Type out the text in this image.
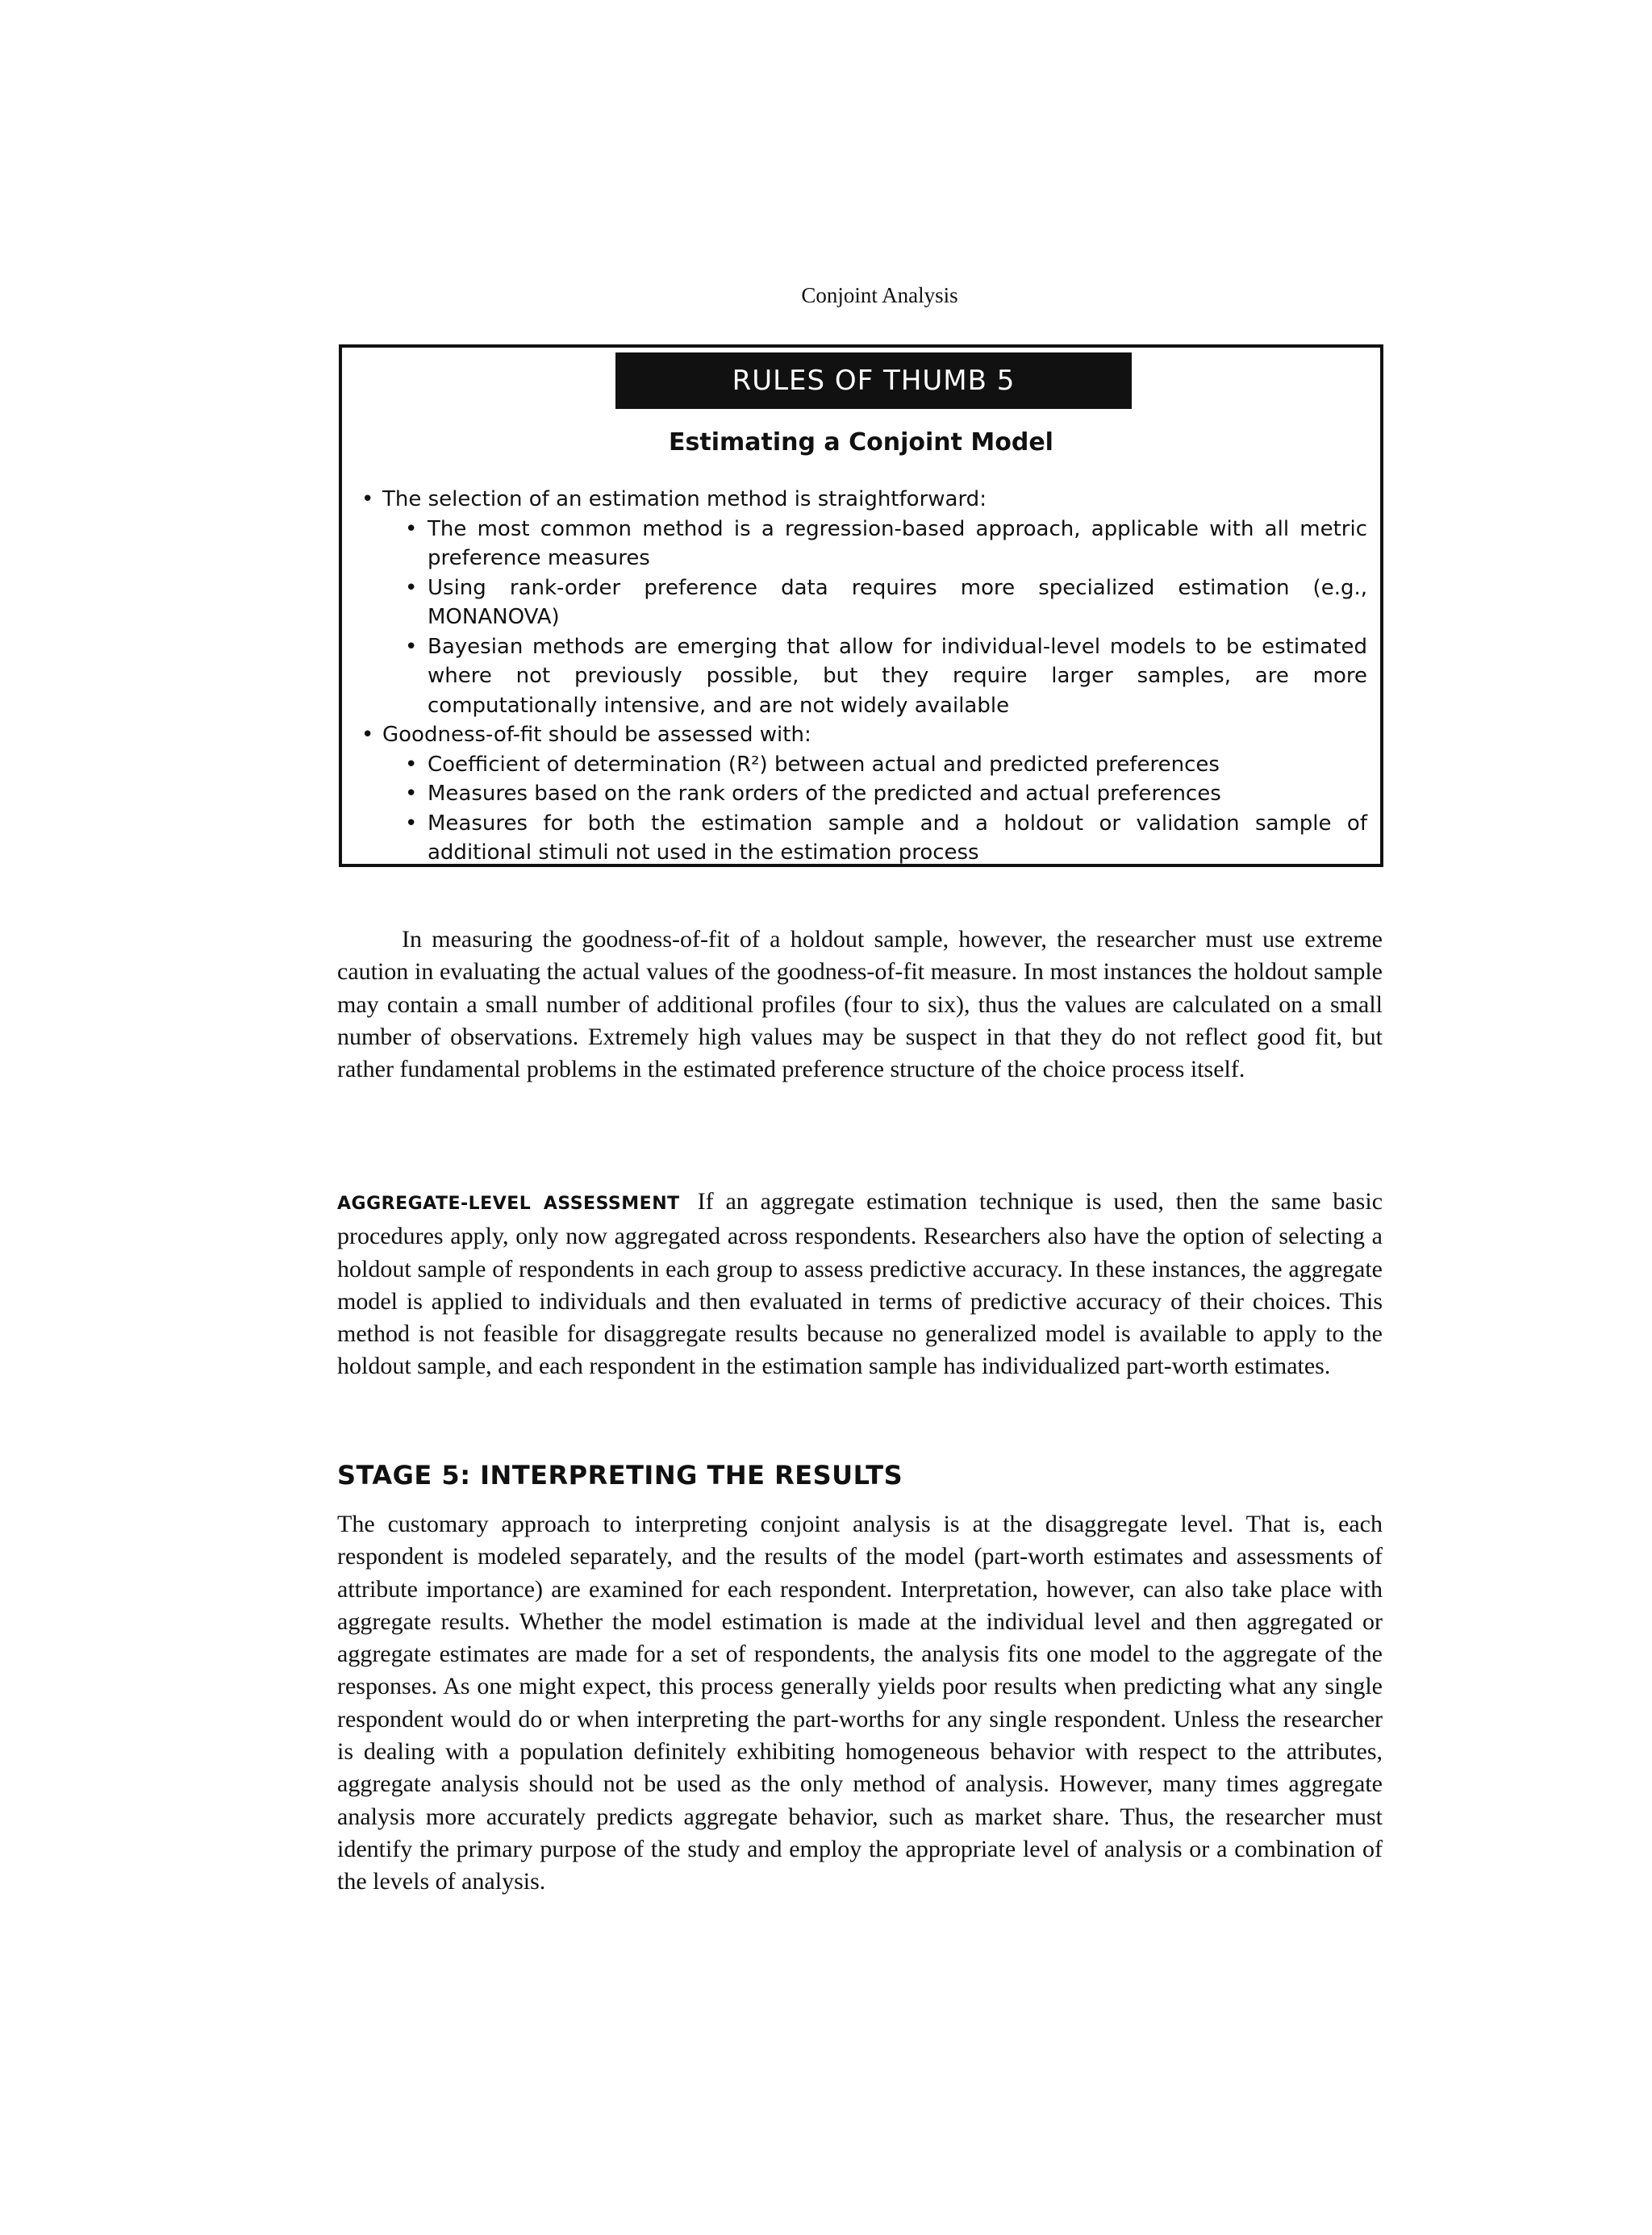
Conjoint Analysis
RULES OF THUMB 5
Estimating a Conjoint Model
• The selection of an estimation method is straightforward:
• The most common method is a regression-based approach, applicable with all metric preference measures
• Using rank-order preference data requires more specialized estimation (e.g., MONANOVA)
• Bayesian methods are emerging that allow for individual-level models to be estimated where not previously possible, but they require larger samples, are more computationally intensive, and are not widely available
• Goodness-of-fit should be assessed with:
• Coefficient of determination (R²) between actual and predicted preferences
• Measures based on the rank orders of the predicted and actual preferences
• Measures for both the estimation sample and a holdout or validation sample of additional stimuli not used in the estimation process

In measuring the goodness-of-fit of a holdout sample, however, the researcher must use extreme caution in evaluating the actual values of the goodness-of-fit measure. In most instances the holdout sample may contain a small number of additional profiles (four to six), thus the values are calculated on a small number of observations. Extremely high values may be suspect in that they do not reflect good fit, but rather fundamental problems in the estimated preference structure of the choice process itself.

AGGREGATE-LEVEL ASSESSMENT If an aggregate estimation technique is used, then the same basic procedures apply, only now aggregated across respondents. Researchers also have the option of selecting a holdout sample of respondents in each group to assess predictive accuracy. In these instances, the aggregate model is applied to individuals and then evaluated in terms of predictive accuracy of their choices. This method is not feasible for disaggregate results because no generalized model is available to apply to the holdout sample, and each respondent in the estimation sample has individualized part-worth estimates.

STAGE 5: INTERPRETING THE RESULTS

The customary approach to interpreting conjoint analysis is at the disaggregate level. That is, each respondent is modeled separately, and the results of the model (part-worth estimates and assessments of attribute importance) are examined for each respondent. Interpretation, however, can also take place with aggregate results. Whether the model estimation is made at the individual level and then aggregated or aggregate estimates are made for a set of respondents, the analysis fits one model to the aggregate of the responses. As one might expect, this process generally yields poor results when predicting what any single respondent would do or when interpreting the part-worths for any single respondent. Unless the researcher is dealing with a population definitely exhibiting homogeneous behavior with respect to the attributes, aggregate analysis should not be used as the only method of analysis. However, many times aggregate analysis more accurately predicts aggregate behavior, such as market share. Thus, the researcher must identify the primary purpose of the study and employ the appropriate level of analysis or a combination of the levels of analysis.
